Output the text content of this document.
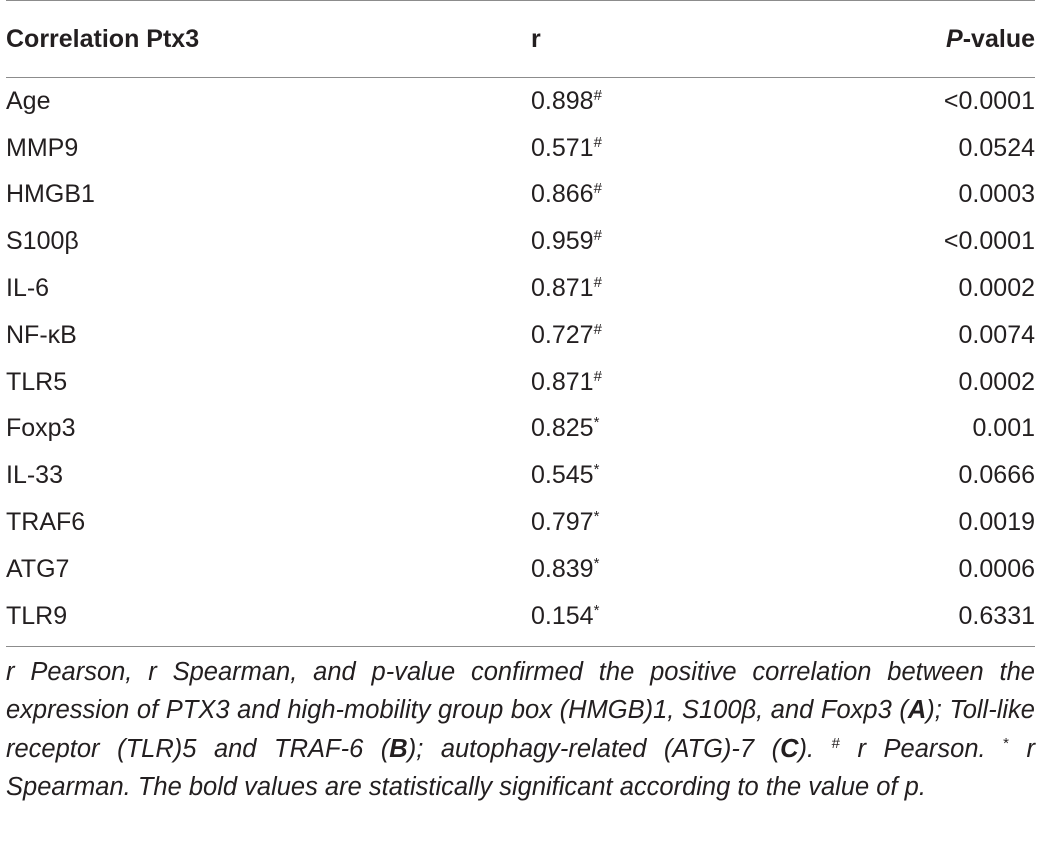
Correlation Ptx3	r	P-value
Age	0.898#	<0.0001
MMP9	0.571#	0.0524
HMGB1	0.866#	0.0003
S100β	0.959#	<0.0001
IL-6	0.871#	0.0002
NF-κB	0.727#	0.0074
TLR5	0.871#	0.0002
Foxp3	0.825*	0.001
IL-33	0.545*	0.0666
TRAF6	0.797*	0.0019
ATG7	0.839*	0.0006
TLR9	0.154*	0.6331
r Pearson, r Spearman, and p-value confirmed the positive correlation between the expression of PTX3 and high-mobility group box (HMGB)1, S100β, and Foxp3 (A); Toll-like receptor (TLR)5 and TRAF-6 (B); autophagy-related (ATG)-7 (C). # r Pearson. * r Spearman. The bold values are statistically significant according to the value of p.
